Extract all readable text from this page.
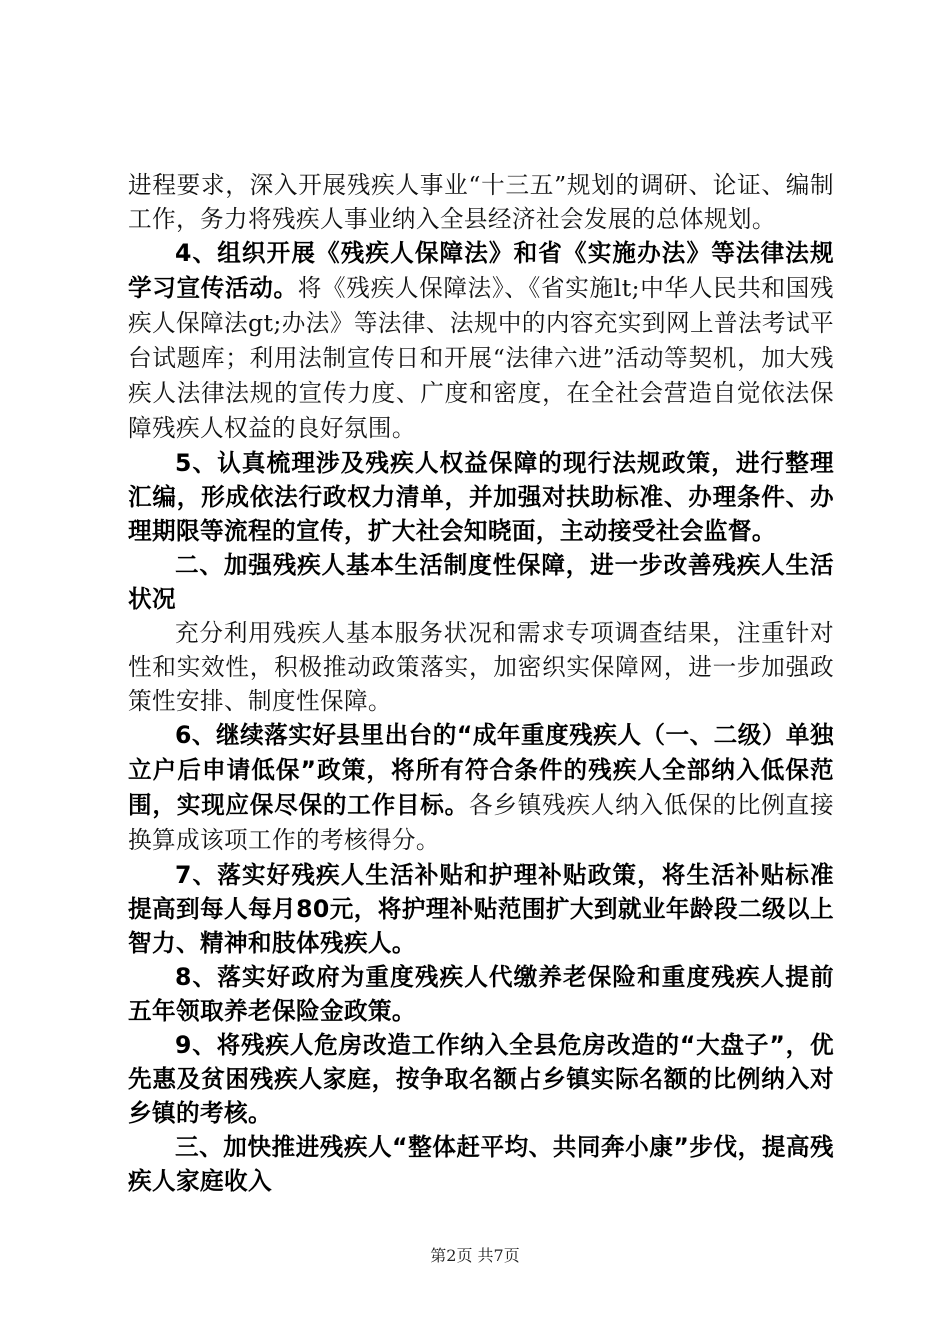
进程要求，深入开展残疾人事业“十三五”规划的调研、论证、编制工作，务力将残疾人事业纳入全县经济社会发展的总体规划。

4、组织开展《残疾人保障法》和省《实施办法》等法律法规学习宣传活动。将《残疾人保障法》、《省实施lt;中华人民共和国残疾人保障法gt;办法》等法律、法规中的内容充实到网上普法考试平台试题库；利用法制宣传日和开展“法律六进”活动等契机，加大残疾人法律法规的宣传力度、广度和密度，在全社会营造自觉依法保障残疾人权益的良好氛围。

5、认真梳理涉及残疾人权益保障的现行法规政策，进行整理汇编，形成依法行政权力清单，并加强对扶助标准、办理条件、办理期限等流程的宣传，扩大社会知晓面，主动接受社会监督。

二、加强残疾人基本生活制度性保障，进一步改善残疾人生活状况

充分利用残疾人基本服务状况和需求专项调查结果，注重针对性和实效性，积极推动政策落实，加密织实保障网，进一步加强政策性安排、制度性保障。

6、继续落实好县里出台的“成年重度残疾人（一、二级）单独立户后申请低保”政策，将所有符合条件的残疾人全部纳入低保范围，实现应保尽保的工作目标。各乡镇残疾人纳入低保的比例直接换算成该项工作的考核得分。

7、落实好残疾人生活补贴和护理补贴政策，将生活补贴标准提高到每人每月80元，将护理补贴范围扩大到就业年龄段二级以上智力、精神和肢体残疾人。

8、落实好政府为重度残疾人代缴养老保险和重度残疾人提前五年领取养老保险金政策。

9、将残疾人危房改造工作纳入全县危房改造的“大盘子”，优先惠及贫困残疾人家庭，按争取名额占乡镇实际名额的比例纳入对乡镇的考核。

三、加快推进残疾人“整体赶平均、共同奔小康”步伐，提高残疾人家庭收入

第2页 共7页
